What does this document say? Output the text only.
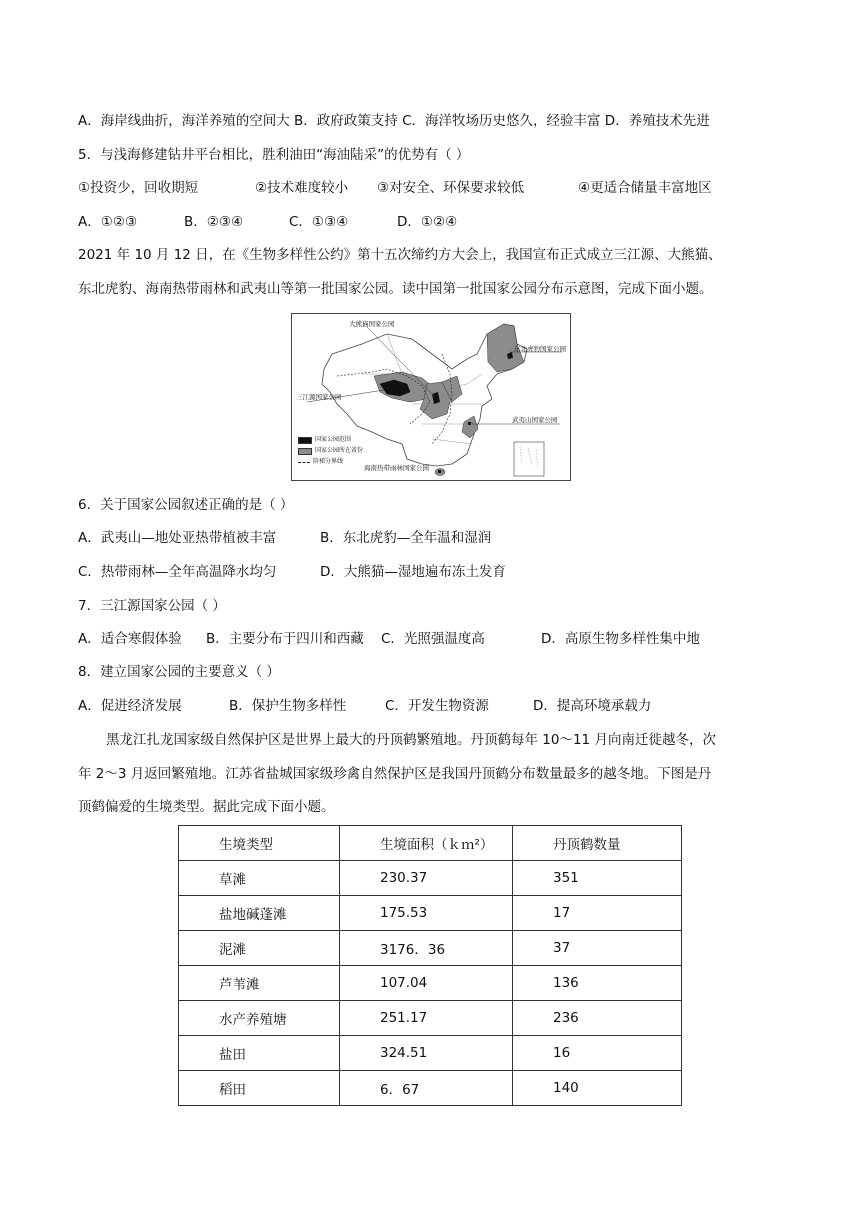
A．海岸线曲折，海洋养殖的空间大 B．政府政策支持 C．海洋牧场历史悠久，经验丰富 D．养殖技术先进
5．与浅海修建钻井平台相比，胜利油田“海油陆采”的优势有（ ）
①投资少，回收期短	②技术难度较小 ③对安全、环保要求较低	④更适合储量丰富地区
A．①②③	B．②③④	C．①③④	D．①②④
2021 年 10 月 12 日，在《生物多样性公约》第十五次缔约方大会上，我国宣布正式成立三江源、大熊猫、
东北虎豹、海南热带雨林和武夷山等第一批国家公园。读中国第一批国家公园分布示意图，完成下面小题。
大熊猫国家公园
东北虎豹国家公园
三江源国家公园
武夷山国家公园
海南热带雨林国家公园
国家公园范围
国家公园所在省份
阶梯分界线
6．关于国家公园叙述正确的是（ ）
A．武夷山—地处亚热带植被丰富	B．东北虎豹—全年温和湿润
C．热带雨林—全年高温降水均匀	D．大熊猫—湿地遍布冻土发育
7．三江源国家公园（ ）
A．适合寒假体验 B．主要分布于四川和西藏 C．光照强温度高	D．高原生物多样性集中地
8．建立国家公园的主要意义（ ）
A．促进经济发展	B．保护生物多样性	C．开发生物资源	D．提高环境承载力
黑龙江扎龙国家级自然保护区是世界上最大的丹顶鹤繁殖地。丹顶鹤每年 10～11 月向南迁徙越冬，次
年 2～3 月返回繁殖地。江苏省盐城国家级珍禽自然保护区是我国丹顶鹤分布数量最多的越冬地。下图是丹
顶鹤偏爱的生境类型。据此完成下面小题。
生境类型	生境面积（ｋｍ²）	丹顶鹤数量
草滩	230.37	351
盐地碱蓬滩	175.53	17
泥滩	3176．36	37
芦苇滩	107.04	136
水产养殖塘	251.17	236
盐田	324.51	16
稻田	6．67	140
